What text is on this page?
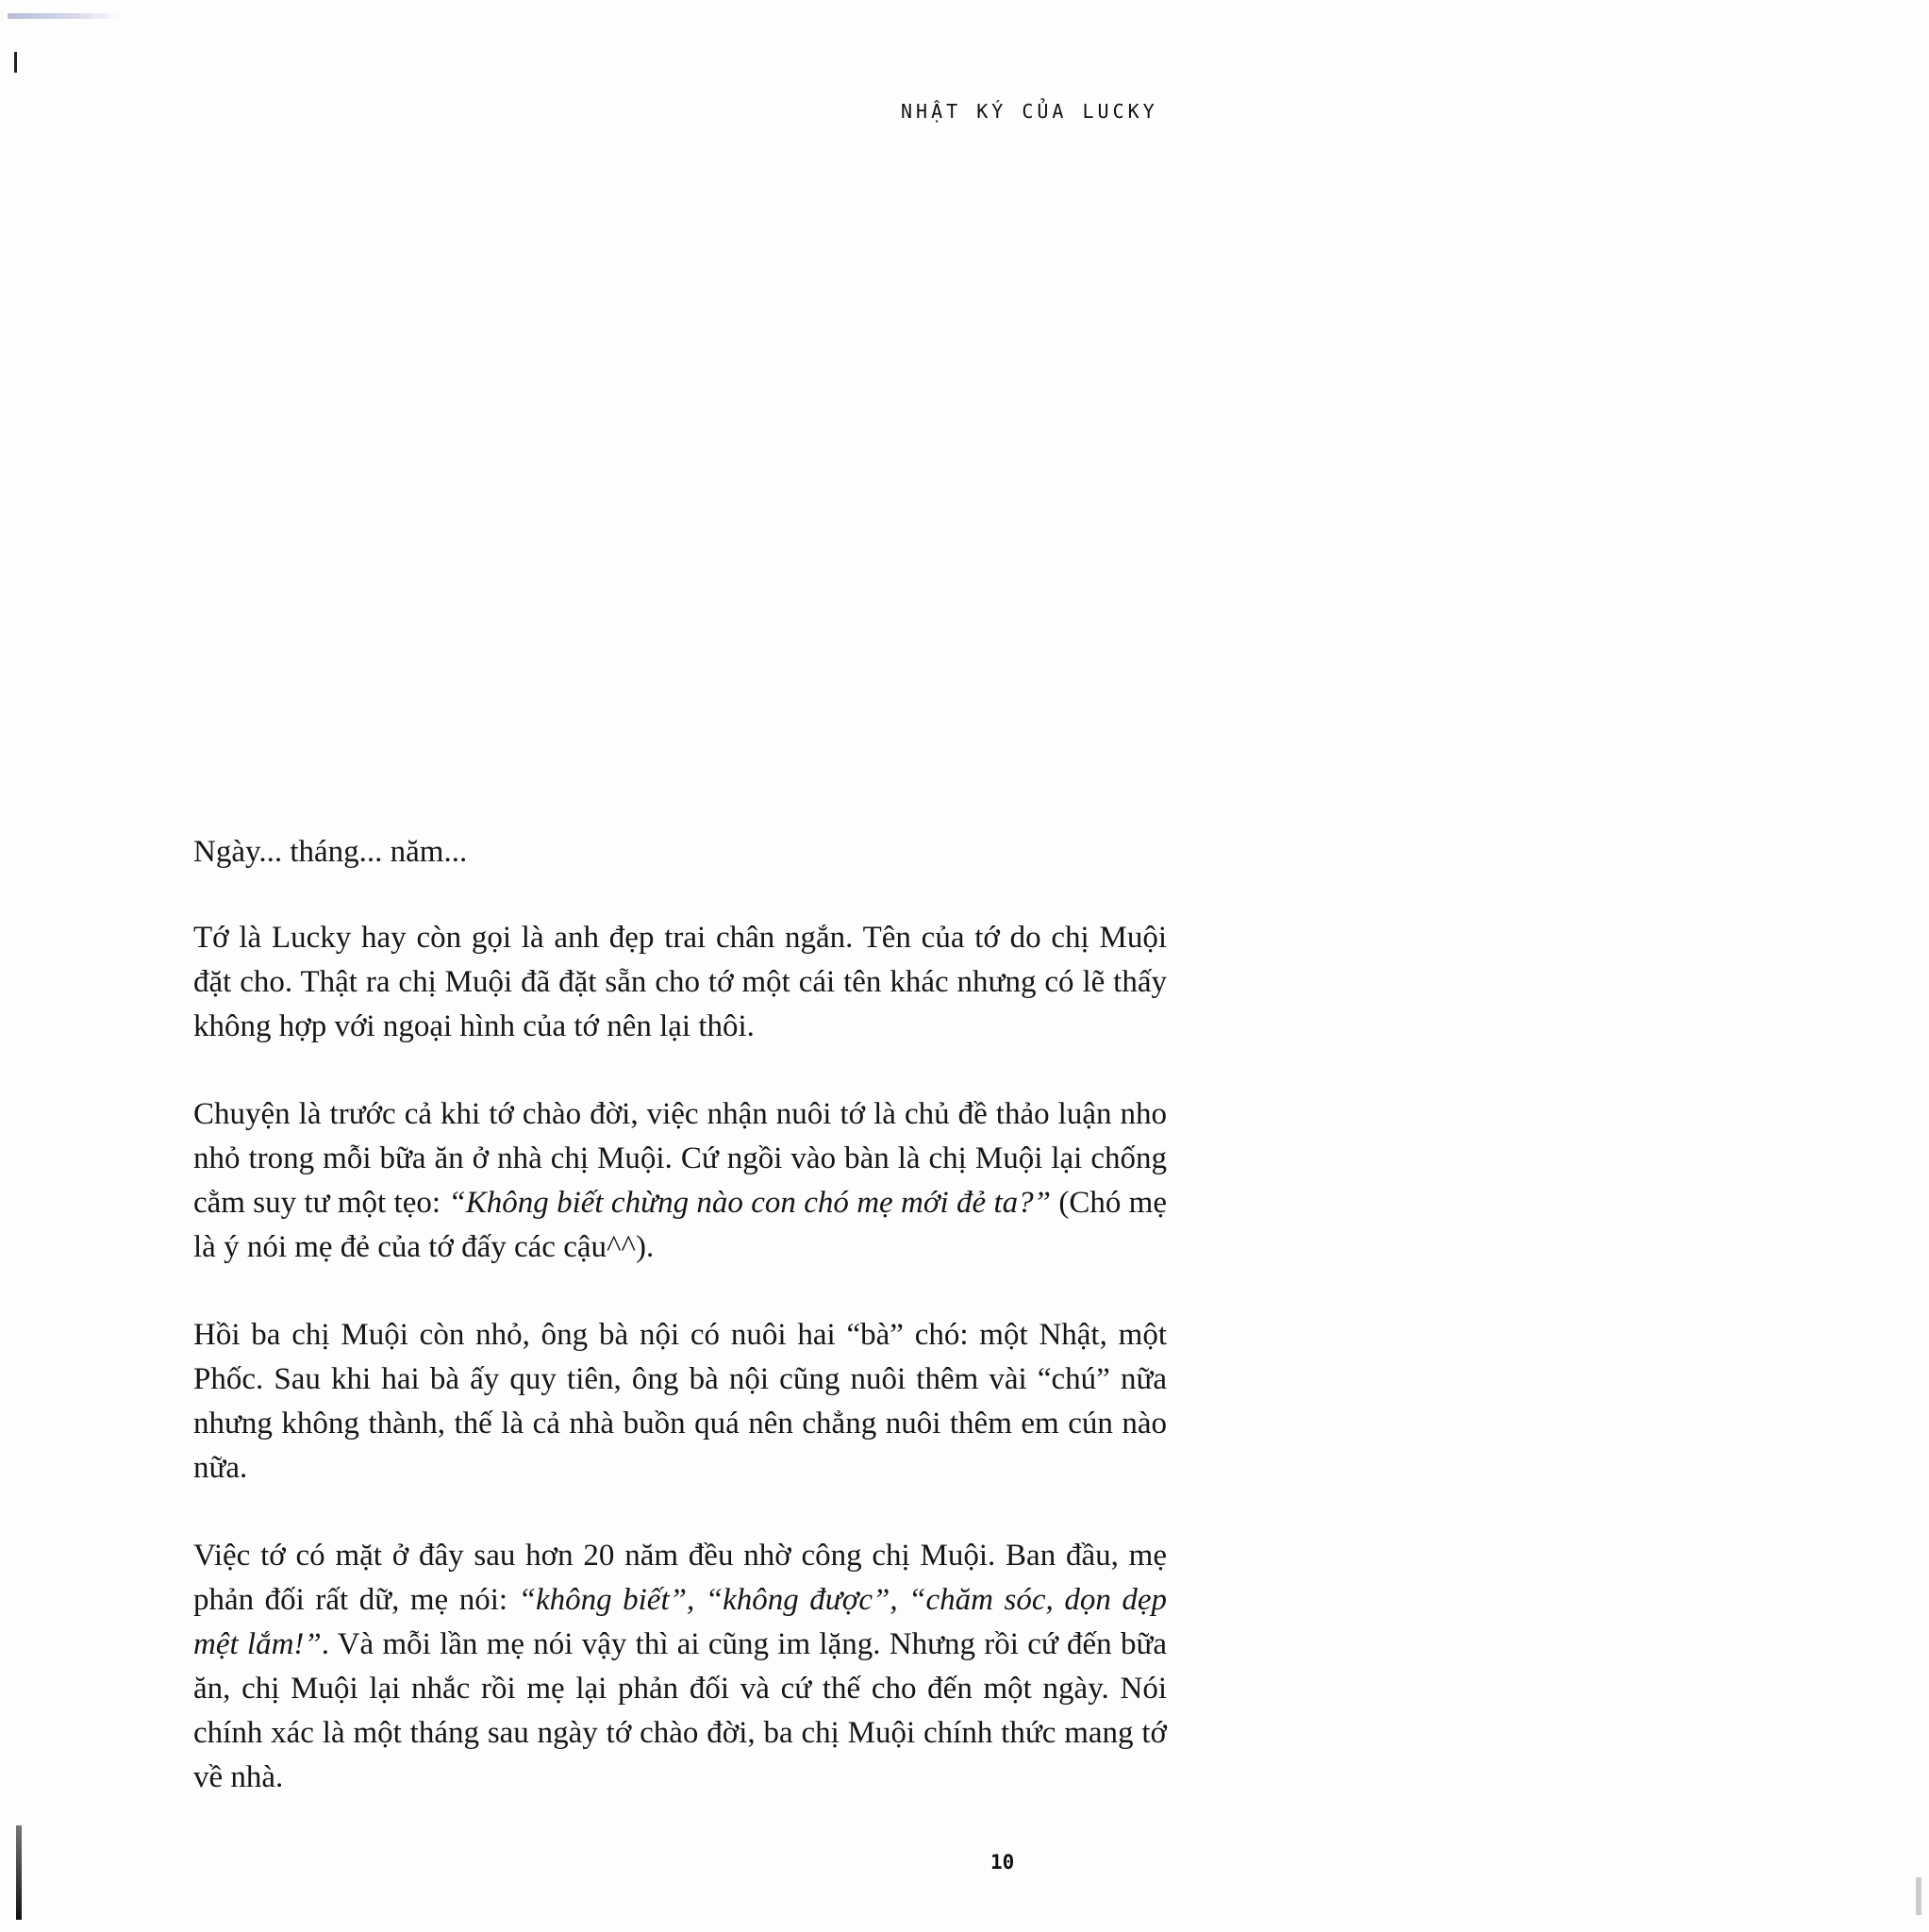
NHẬT KÝ CỦA LUCKY

Ngày... tháng... năm...

Tớ là Lucky hay còn gọi là anh đẹp trai chân ngắn. Tên của tớ do chị Muội đặt cho. Thật ra chị Muội đã đặt sẵn cho tớ một cái tên khác nhưng có lẽ thấy không hợp với ngoại hình của tớ nên lại thôi.

Chuyện là trước cả khi tớ chào đời, việc nhận nuôi tớ là chủ đề thảo luận nho nhỏ trong mỗi bữa ăn ở nhà chị Muội. Cứ ngồi vào bàn là chị Muội lại chống cằm suy tư một tẹo: “Không biết chừng nào con chó mẹ mới đẻ ta?” (Chó mẹ là ý nói mẹ đẻ của tớ đấy các cậu^^).

Hồi ba chị Muội còn nhỏ, ông bà nội có nuôi hai “bà” chó: một Nhật, một Phốc. Sau khi hai bà ấy quy tiên, ông bà nội cũng nuôi thêm vài “chú” nữa nhưng không thành, thế là cả nhà buồn quá nên chẳng nuôi thêm em cún nào nữa.

Việc tớ có mặt ở đây sau hơn 20 năm đều nhờ công chị Muội. Ban đầu, mẹ phản đối rất dữ, mẹ nói: “không biết”, “không được”, “chăm sóc, dọn dẹp mệt lắm!”. Và mỗi lần mẹ nói vậy thì ai cũng im lặng. Nhưng rồi cứ đến bữa ăn, chị Muội lại nhắc rồi mẹ lại phản đối và cứ thế cho đến một ngày. Nói chính xác là một tháng sau ngày tớ chào đời, ba chị Muội chính thức mang tớ về nhà.

10
